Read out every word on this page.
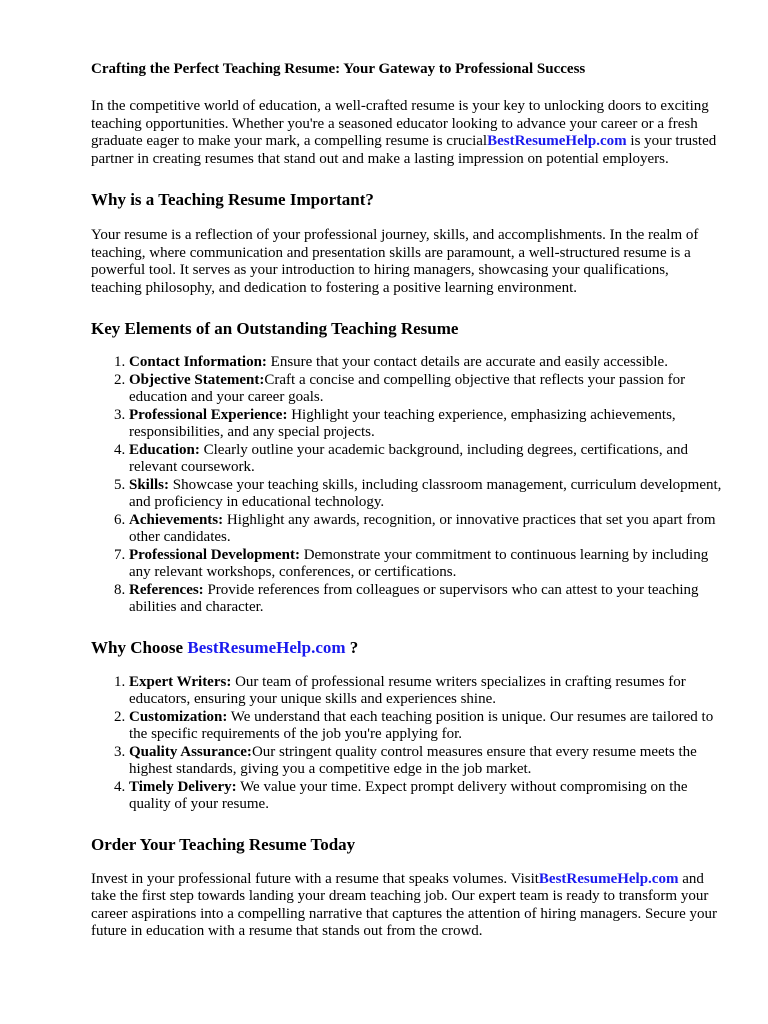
Crafting the Perfect Teaching Resume: Your Gateway to Professional Success

In the competitive world of education, a well-crafted resume is your key to unlocking doors to exciting teaching opportunities. Whether you're a seasoned educator looking to advance your career or a fresh graduate eager to make your mark, a compelling resume is crucialBestResumeHelp.com is your trusted partner in creating resumes that stand out and make a lasting impression on potential employers.

Why is a Teaching Resume Important?

Your resume is a reflection of your professional journey, skills, and accomplishments. In the realm of teaching, where communication and presentation skills are paramount, a well-structured resume is a powerful tool. It serves as your introduction to hiring managers, showcasing your qualifications, teaching philosophy, and dedication to fostering a positive learning environment.

Key Elements of an Outstanding Teaching Resume
1. Contact Information: Ensure that your contact details are accurate and easily accessible.
2. Objective Statement:Craft a concise and compelling objective that reflects your passion for education and your career goals.
3. Professional Experience: Highlight your teaching experience, emphasizing achievements, responsibilities, and any special projects.
4. Education: Clearly outline your academic background, including degrees, certifications, and relevant coursework.
5. Skills: Showcase your teaching skills, including classroom management, curriculum development, and proficiency in educational technology.
6. Achievements: Highlight any awards, recognition, or innovative practices that set you apart from other candidates.
7. Professional Development: Demonstrate your commitment to continuous learning by including any relevant workshops, conferences, or certifications.
8. References: Provide references from colleagues or supervisors who can attest to your teaching abilities and character.
Why Choose BestResumeHelp.com ?
1. Expert Writers: Our team of professional resume writers specializes in crafting resumes for educators, ensuring your unique skills and experiences shine.
2. Customization: We understand that each teaching position is unique. Our resumes are tailored to the specific requirements of the job you're applying for.
3. Quality Assurance:Our stringent quality control measures ensure that every resume meets the highest standards, giving you a competitive edge in the job market.
4. Timely Delivery: We value your time. Expect prompt delivery without compromising on the quality of your resume.
Order Your Teaching Resume Today

Invest in your professional future with a resume that speaks volumes. VisitBestResumeHelp.com and take the first step towards landing your dream teaching job. Our expert team is ready to transform your career aspirations into a compelling narrative that captures the attention of hiring managers. Secure your future in education with a resume that stands out from the crowd.
